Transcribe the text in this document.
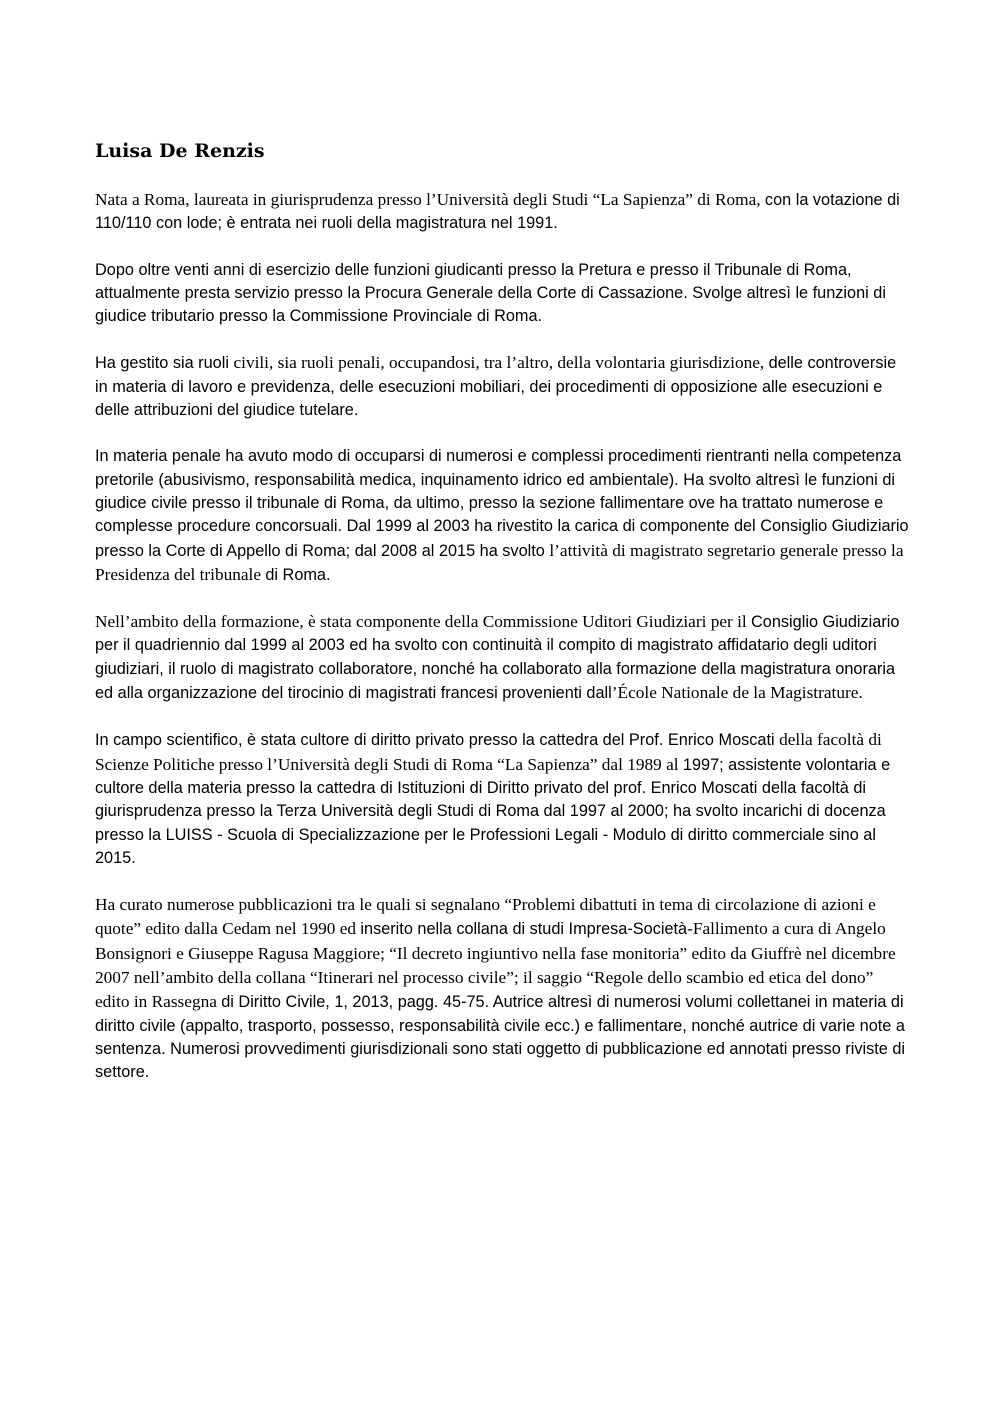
Luisa De Renzis

Nata a Roma, laureata in giurisprudenza presso l’Università degli Studi “La Sapienza” di Roma, con la votazione di 110/110 con lode; è entrata nei ruoli della magistratura nel 1991.

Dopo oltre venti anni di esercizio delle funzioni giudicanti presso la Pretura e presso il Tribunale di Roma, attualmente presta servizio presso la Procura Generale della Corte di Cassazione. Svolge altresì le funzioni di giudice tributario presso la Commissione Provinciale di Roma.

Ha gestito sia ruoli civili, sia ruoli penali, occupandosi, tra l’altro, della volontaria giurisdizione, delle controversie in materia di lavoro e previdenza, delle esecuzioni mobiliari, dei procedimenti di opposizione alle esecuzioni e delle attribuzioni del giudice tutelare.

In materia penale ha avuto modo di occuparsi di numerosi e complessi procedimenti rientranti nella competenza pretorile (abusivismo, responsabilità medica, inquinamento idrico ed ambientale). Ha svolto altresì le funzioni di giudice civile presso il tribunale di Roma, da ultimo, presso la sezione fallimentare ove ha trattato numerose e complesse procedure concorsuali. Dal 1999 al 2003 ha rivestito la carica di componente del Consiglio Giudiziario presso la Corte di Appello di Roma; dal 2008 al 2015 ha svolto l’attività di magistrato segretario generale presso la Presidenza del tribunale di Roma.

Nell’ambito della formazione, è stata componente della Commissione Uditori Giudiziari per il Consiglio Giudiziario per il quadriennio dal 1999 al 2003 ed ha svolto con continuità il compito di magistrato affidatario degli uditori giudiziari, il ruolo di magistrato collaboratore, nonché ha collaborato alla formazione della magistratura onoraria ed alla organizzazione del tirocinio di magistrati francesi provenienti dall’École Nationale de la Magistrature.

In campo scientifico, è stata cultore di diritto privato presso la cattedra del Prof. Enrico Moscati della facoltà di Scienze Politiche presso l’Università degli Studi di Roma “La Sapienza” dal 1989 al 1997; assistente volontaria e cultore della materia presso la cattedra di Istituzioni di Diritto privato del prof. Enrico Moscati della facoltà di giurisprudenza presso la Terza Università degli Studi di Roma dal 1997 al 2000; ha svolto incarichi di docenza presso la LUISS - Scuola di Specializzazione per le Professioni Legali - Modulo di diritto commerciale sino al 2015.

Ha curato numerose pubblicazioni tra le quali si segnalano “Problemi dibattuti in tema di circolazione di azioni e quote” edito dalla Cedam nel 1990 ed inserito nella collana di studi Impresa-Società-Fallimento a cura di Angelo Bonsignori e Giuseppe Ragusa Maggiore; “Il decreto ingiuntivo nella fase monitoria” edito da Giuffrè nel dicembre 2007 nell’ambito della collana “Itinerari nel processo civile”; il saggio “Regole dello scambio ed etica del dono” edito in Rassegna di Diritto Civile, 1, 2013, pagg. 45-75. Autrice altresì di numerosi volumi collettanei in materia di diritto civile (appalto, trasporto, possesso, responsabilità civile ecc.) e fallimentare, nonché autrice di varie note a sentenza. Numerosi provvedimenti giurisdizionali sono stati oggetto di pubblicazione ed annotati presso riviste di settore.
